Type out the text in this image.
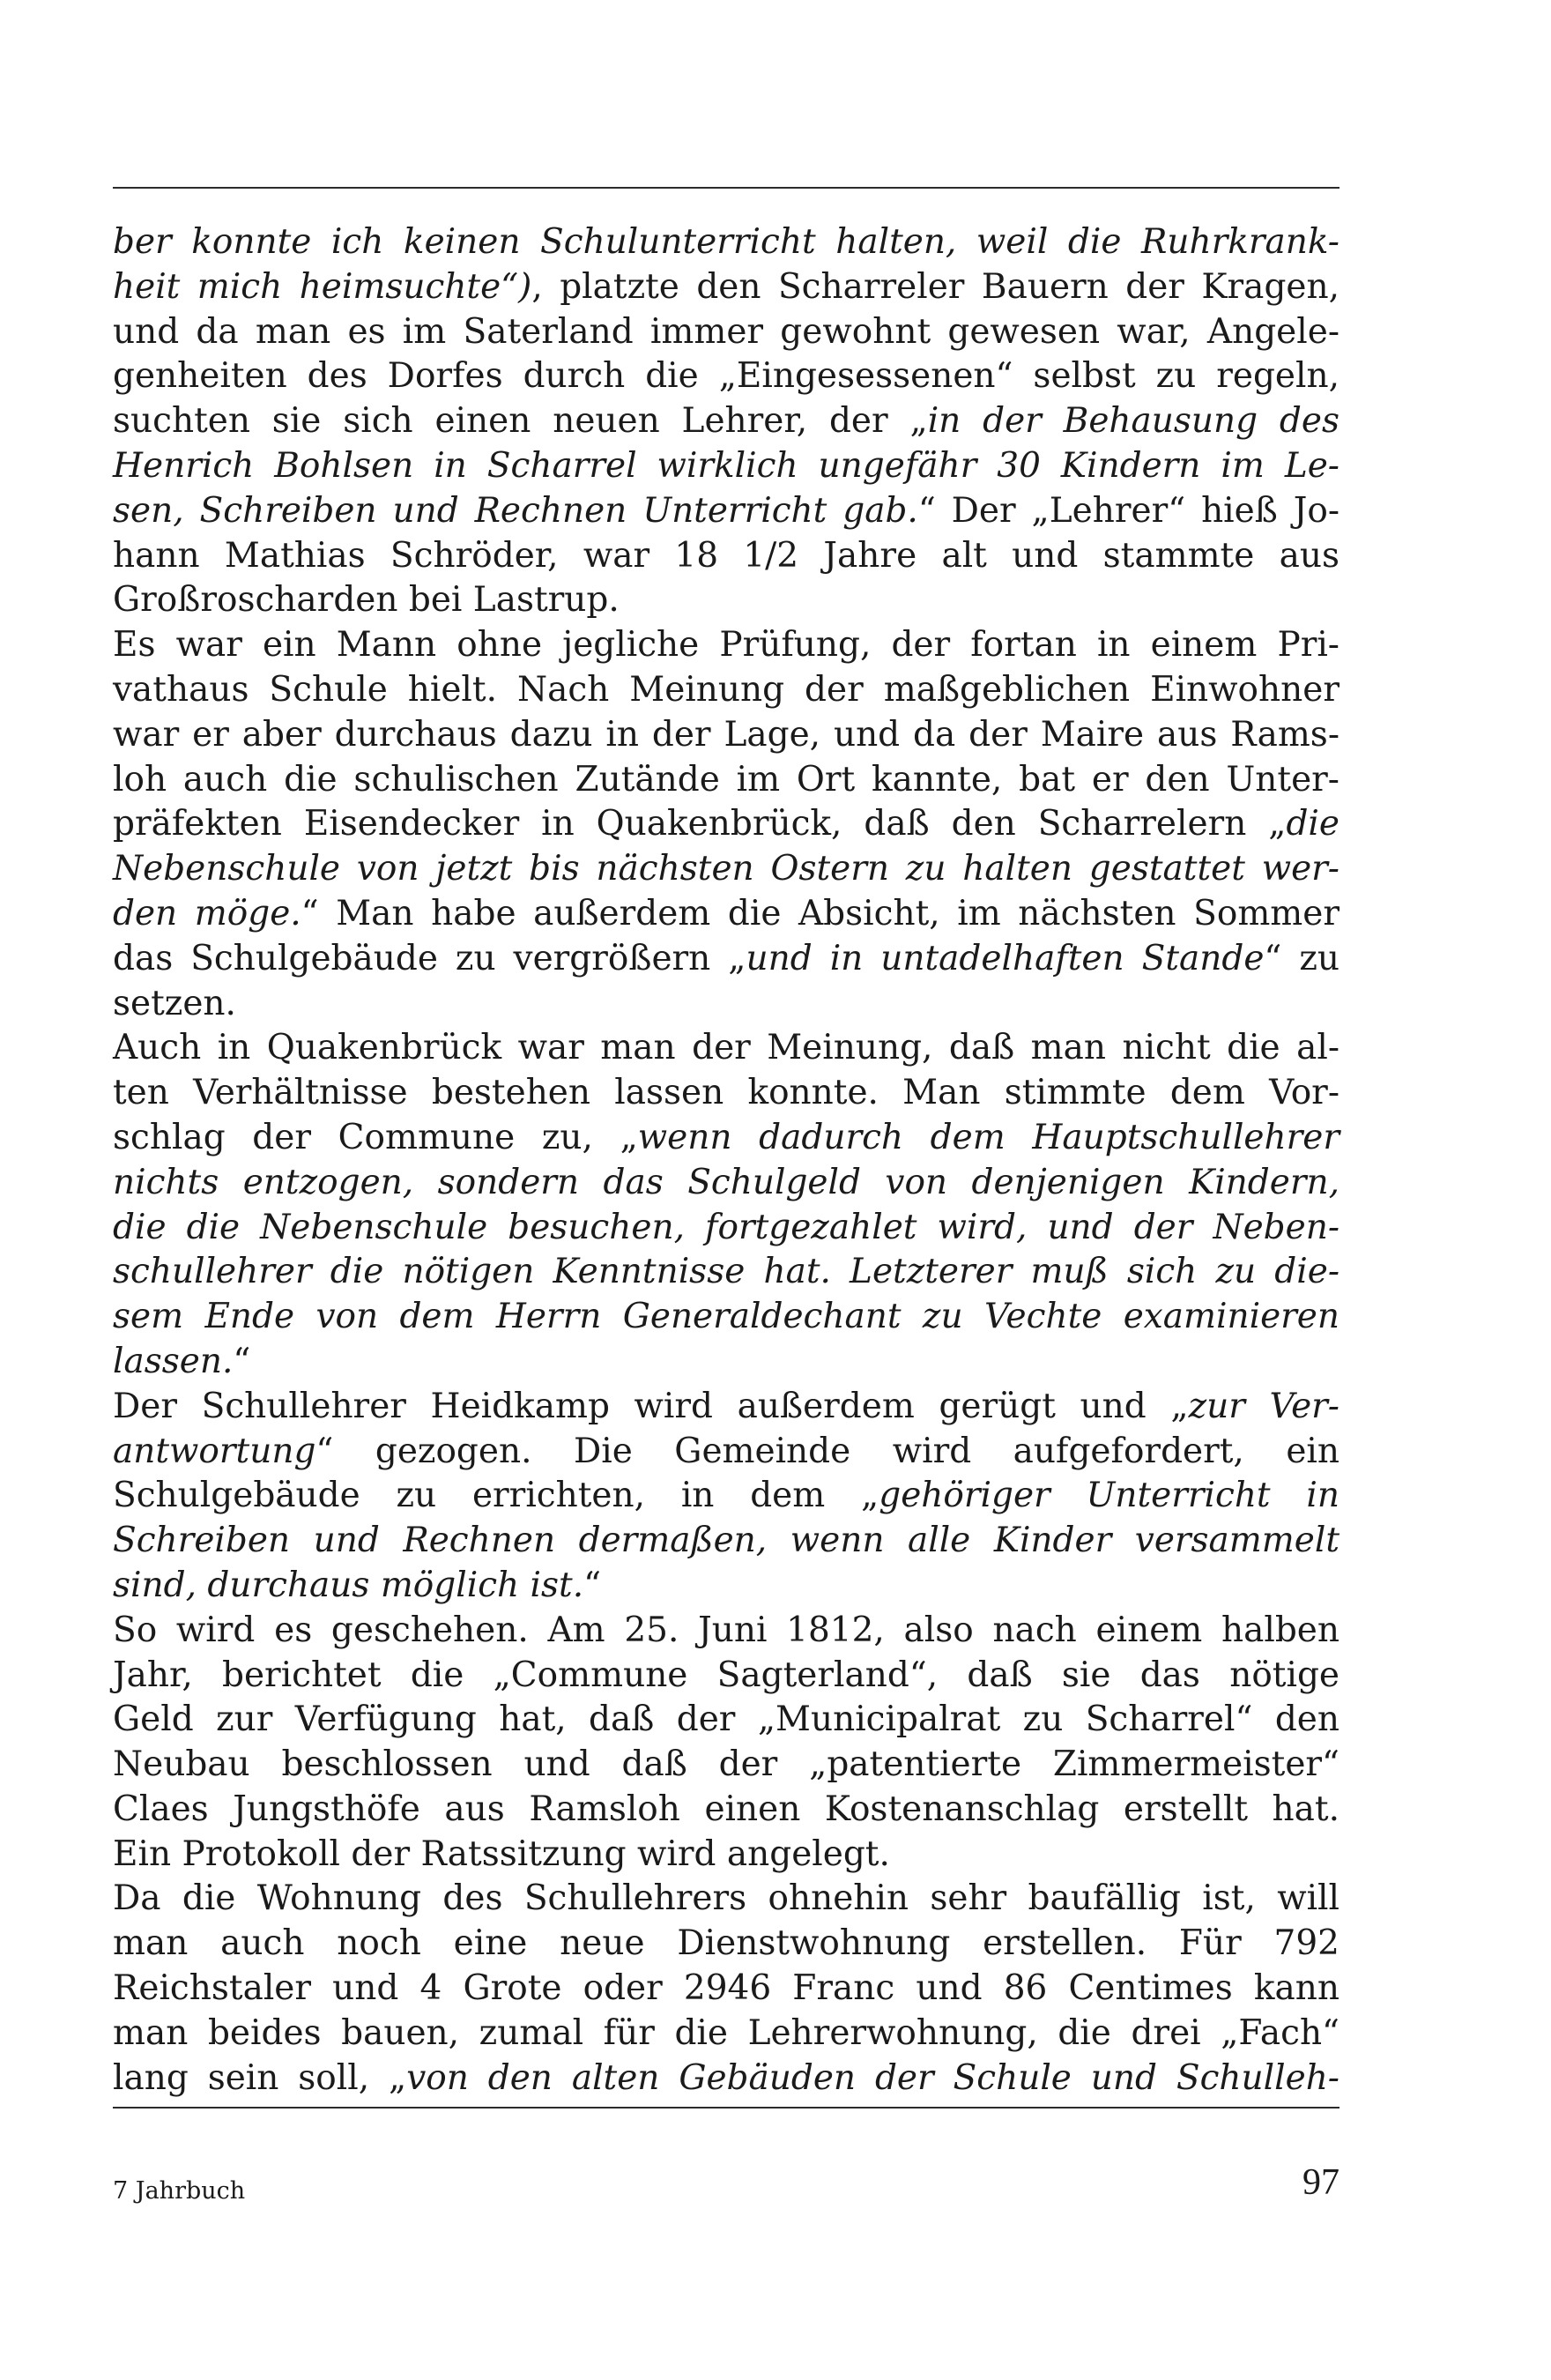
ber konnte ich keinen Schulunterricht halten, weil die Ruhrkrank-
heit mich heimsuchte“), platzte den Scharreler Bauern der Kragen,
und da man es im Saterland immer gewohnt gewesen war, Angele-
genheiten des Dorfes durch die „Eingesessenen“ selbst zu regeln,
suchten sie sich einen neuen Lehrer, der „in der Behausung des
Henrich Bohlsen in Scharrel wirklich ungefähr 30 Kindern im Le-
sen, Schreiben und Rechnen Unterricht gab.“ Der „Lehrer“ hieß Jo-
hann Mathias Schröder, war 18 1/2 Jahre alt und stammte aus
Großroscharden bei Lastrup.
Es war ein Mann ohne jegliche Prüfung, der fortan in einem Pri-
vathaus Schule hielt. Nach Meinung der maßgeblichen Einwohner
war er aber durchaus dazu in der Lage, und da der Maire aus Rams-
loh auch die schulischen Zutände im Ort kannte, bat er den Unter-
präfekten Eisendecker in Quakenbrück, daß den Scharrelern „die
Nebenschule von jetzt bis nächsten Ostern zu halten gestattet wer-
den möge.“ Man habe außerdem die Absicht, im nächsten Sommer
das Schulgebäude zu vergrößern „und in untadelhaften Stande“ zu
setzen.
Auch in Quakenbrück war man der Meinung, daß man nicht die al-
ten Verhältnisse bestehen lassen konnte. Man stimmte dem Vor-
schlag der Commune zu, „wenn dadurch dem Hauptschullehrer
nichts entzogen, sondern das Schulgeld von denjenigen Kindern,
die die Nebenschule besuchen, fortgezahlet wird, und der Neben-
schullehrer die nötigen Kenntnisse hat. Letzterer muß sich zu die-
sem Ende von dem Herrn Generaldechant zu Vechte examinieren
lassen.“
Der Schullehrer Heidkamp wird außerdem gerügt und „zur Ver-
antwortung“ gezogen. Die Gemeinde wird aufgefordert, ein
Schulgebäude zu errichten, in dem „gehöriger Unterricht in
Schreiben und Rechnen dermaßen, wenn alle Kinder versammelt
sind, durchaus möglich ist.“
So wird es geschehen. Am 25. Juni 1812, also nach einem halben
Jahr, berichtet die „Commune Sagterland“, daß sie das nötige
Geld zur Verfügung hat, daß der „Municipalrat zu Scharrel“ den
Neubau beschlossen und daß der „patentierte Zimmermeister“
Claes Jungsthöfe aus Ramsloh einen Kostenanschlag erstellt hat.
Ein Protokoll der Ratssitzung wird angelegt.
Da die Wohnung des Schullehrers ohnehin sehr baufällig ist, will
man auch noch eine neue Dienstwohnung erstellen. Für 792
Reichstaler und 4 Grote oder 2946 Franc und 86 Centimes kann
man beides bauen, zumal für die Lehrerwohnung, die drei „Fach“
lang sein soll, „von den alten Gebäuden der Schule und Schulleh-
7 Jahrbuch	97
